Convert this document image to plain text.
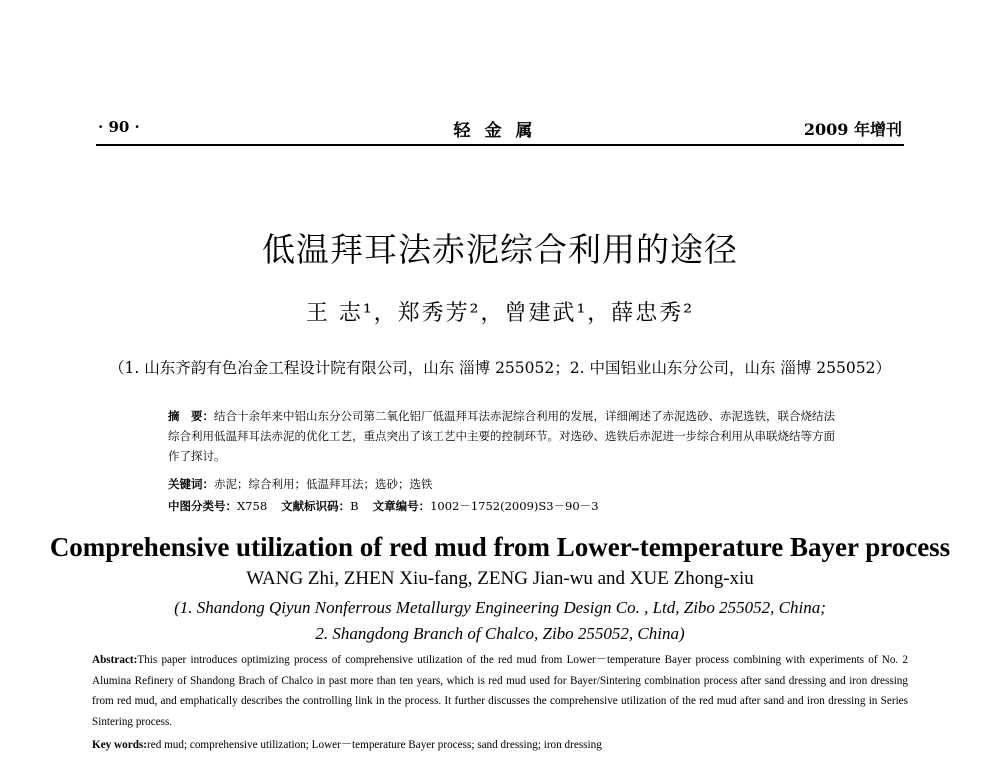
· 90 ·	轻金属	2009 年增刊
低温拜耳法赤泥综合利用的途径
王 志¹，郑秀芳²，曾建武¹，薛忠秀²
（1. 山东齐韵有色冶金工程设计院有限公司，山东 淄博 255052；2. 中国铝业山东分公司，山东 淄博 255052）
摘　要：结合十余年来中铝山东分公司第二氧化铝厂低温拜耳法赤泥综合利用的发展，详细阐述了赤泥选砂、赤泥选铁，联合烧结法综合利用低温拜耳法赤泥的优化工艺，重点突出了该工艺中主要的控制环节。对选砂、选铁后赤泥进一步综合利用从串联烧结等方面作了探讨。
关键词：赤泥；综合利用；低温拜耳法；选砂；选铁
中图分类号：X758 文献标识码：B 文章编号：1002－1752(2009)S3－90－3
Comprehensive utilization of red mud from Lower-temperature Bayer process
WANG Zhi, ZHEN Xiu-fang, ZENG Jian-wu and XUE Zhong-xiu
(1. Shandong Qiyun Nonferrous Metallurgy Engineering Design Co. , Ltd, Zibo 255052, China;
2. Shangdong Branch of Chalco, Zibo 255052, China)
Abstract:This paper introduces optimizing process of comprehensive utilization of the red mud from Lower－temperature Bayer process combining with experiments of No. 2 Alumina Refinery of Shandong Brach of Chalco in past more than ten years, which is red mud used for Bayer/Sintering combination process after sand dressing and iron dressing from red mud, and emphatically describes the controlling link in the process. It further discusses the comprehensive utilization of the red mud after sand and iron dressing in Series Sintering process.
Key words:red mud; comprehensive utilization; Lower－temperature Bayer process; sand dressing; iron dressing
